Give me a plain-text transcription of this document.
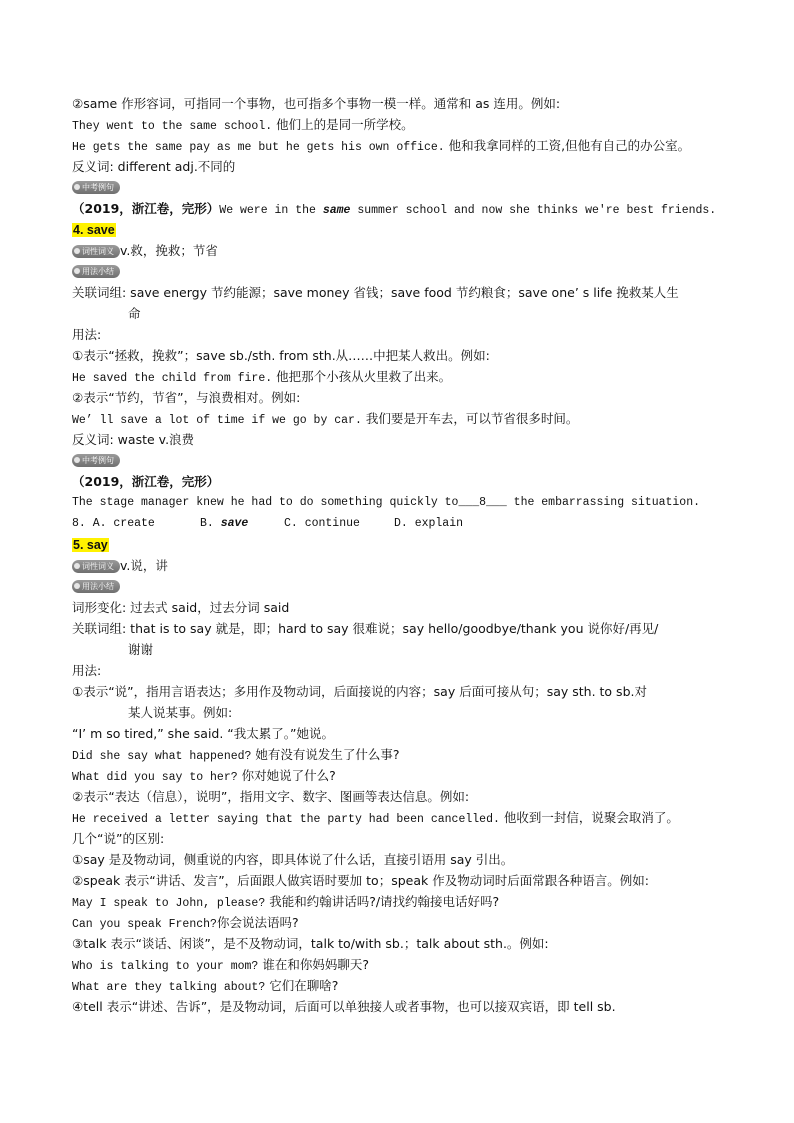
②same 作形容词，可指同一个事物，也可指多个事物一模一样。通常和 as 连用。例如:
They went to the same school. 他们上的是同一所学校。
He gets the same pay as me but he gets his own office. 他和我拿同样的工资,但他有自己的办公室。
反义词: different adj.不同的
中考例句
（2019，浙江卷，完形）We were in the same summer school and now she thinks we're best friends.
4. save
词性词义 v.救，挽救；节省
用法小结
关联词组: save energy 节约能源；save money 省钱；save food 节约粮食；save one’ s life 挽救某人生
命
用法:
①表示“拯救，挽救”；save sb./sth. from sth.从……中把某人救出。例如:
He saved the child from fire. 他把那个小孩从火里救了出来。
②表示“节约，节省”，与浪费相对。例如:
We’ ll save a lot of time if we go by car. 我们要是开车去，可以节省很多时间。
反义词: waste v.浪费
中考例句
（2019，浙江卷，完形）
The stage manager knew he had to do something quickly to___8___ the embarrassing situation.
8. A. create	B. save	C. continue	D. explain
5. say
词性词义 v.说，讲
用法小结
词形变化: 过去式 said，过去分词 said
关联词组: that is to say 就是，即；hard to say 很难说；say hello/goodbye/thank you 说你好/再见/
谢谢
用法:
①表示“说”，指用言语表达；多用作及物动词，后面接说的内容；say 后面可接从句；say sth. to sb.对
某人说某事。例如:
“I’ m so tired,” she said. “我太累了。”她说。
Did she say what happened? 她有没有说发生了什么事?
What did you say to her? 你对她说了什么?
②表示“表达（信息），说明”，指用文字、数字、图画等表达信息。例如:
He received a letter saying that the party had been cancelled. 他收到一封信，说聚会取消了。
几个“说”的区别:
①say 是及物动词，侧重说的内容，即具体说了什么话，直接引语用 say 引出。
②speak 表示“讲话、发言”，后面跟人做宾语时要加 to；speak 作及物动词时后面常跟各种语言。例如:
May I speak to John, please? 我能和约翰讲话吗?/请找约翰接电话好吗?
Can you speak French?你会说法语吗?
③talk 表示“谈话、闲谈”，是不及物动词，talk to/with sb.；talk about sth.。例如:
Who is talking to your mom? 谁在和你妈妈聊天?
What are they talking about? 它们在聊啥?
④tell 表示“讲述、告诉”，是及物动词，后面可以单独接人或者事物，也可以接双宾语，即 tell sb.
